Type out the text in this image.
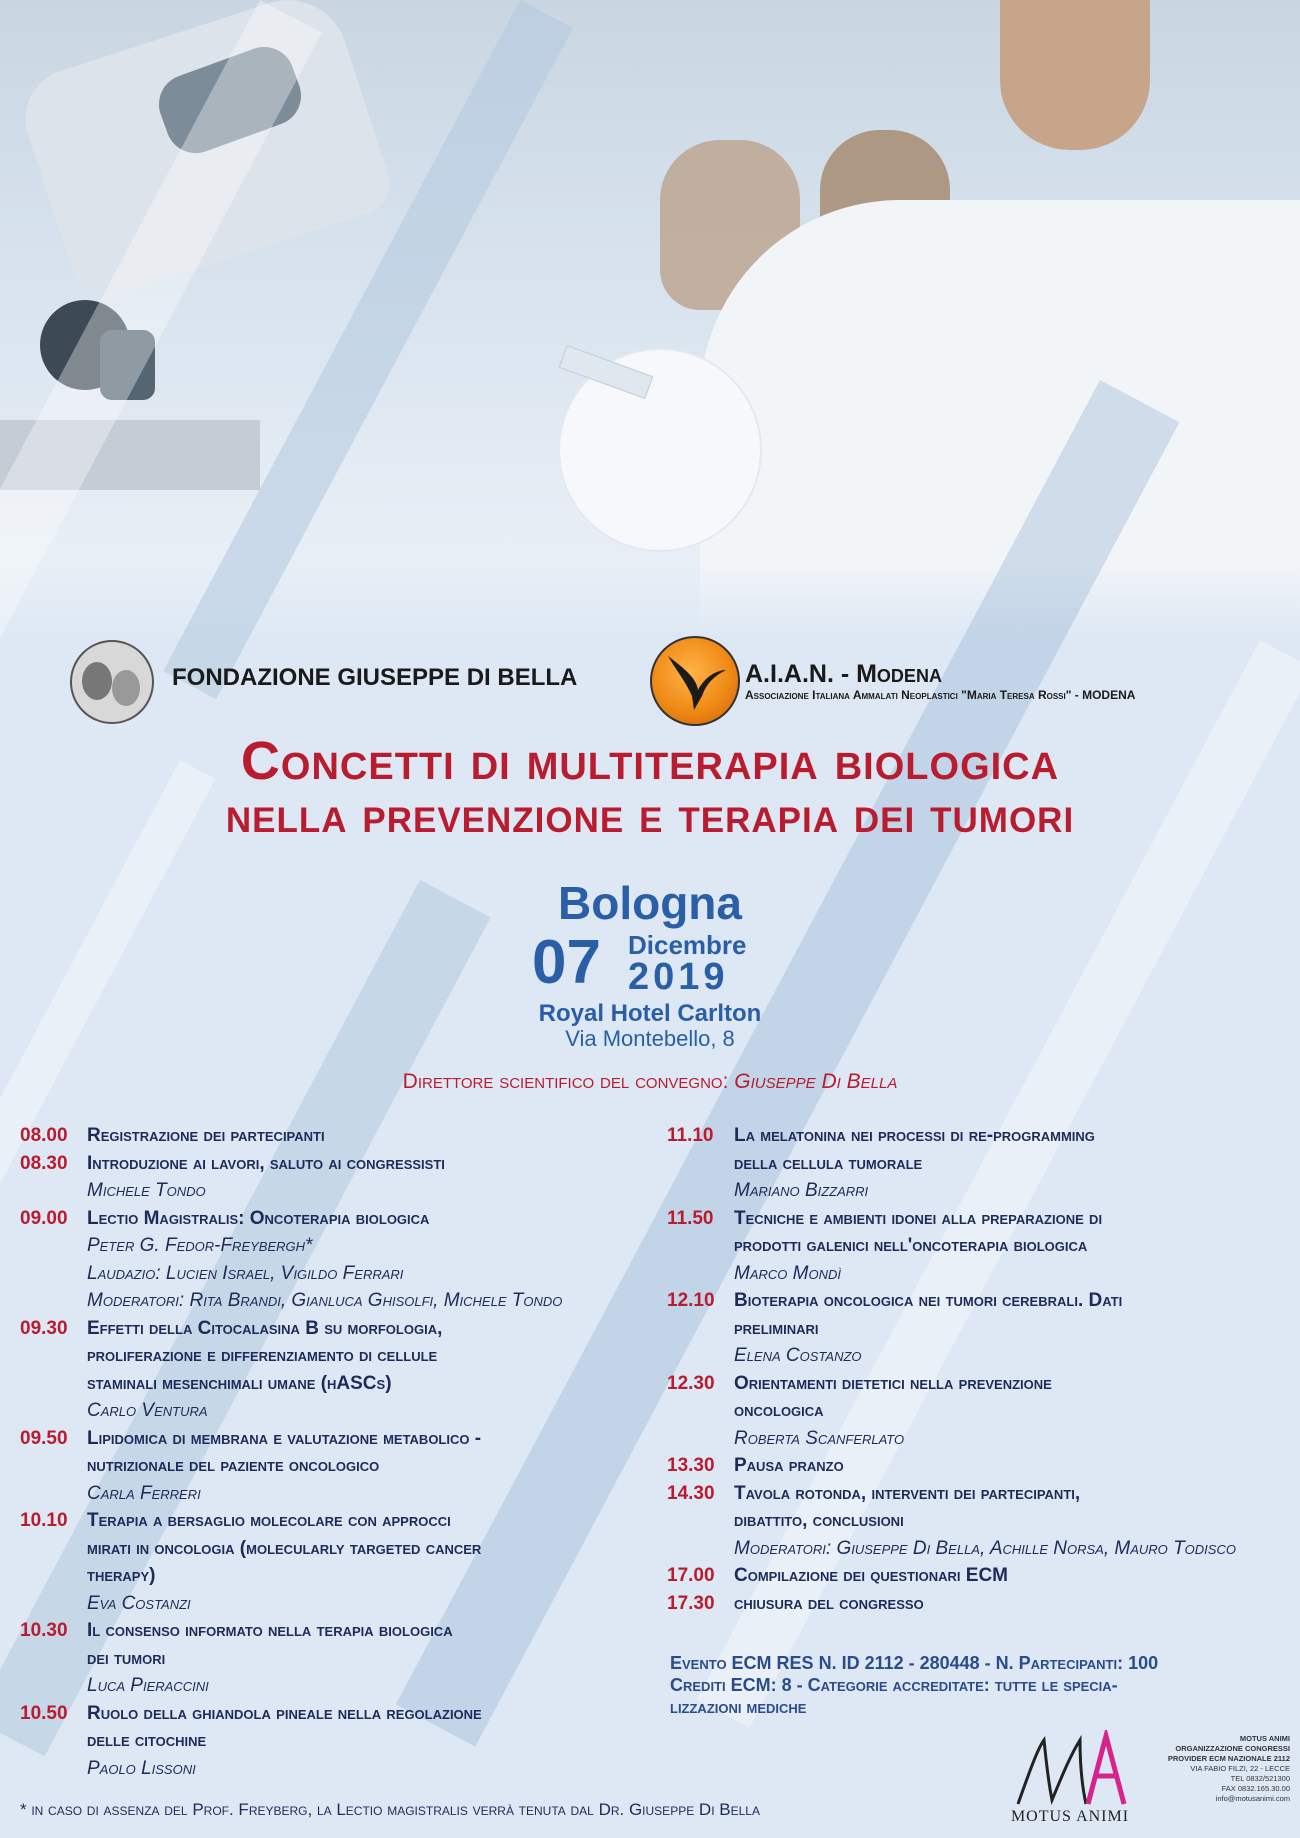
FONDAZIONE GIUSEPPE DI BELLA	A.I.A.N. - Modena
Associazione Italiana Ammalati Neoplastici "Maria Teresa Rossi" - MODENA
Concetti di multiterapia biologica
nella prevenzione e terapia dei tumori
Bologna
07 Dicembre
2019
Royal Hotel Carlton
Via Montebello, 8
Direttore scientifico del convegno: Giuseppe Di Bella
08.00 Registrazione dei partecipanti
08.30 Introduzione ai lavori, saluto ai congressisti
Michele Tondo
09.00 Lectio Magistralis: Oncoterapia biologica
Peter G. Fedor-Freybergh*
Laudazio: Lucien Israel, Vigildo Ferrari
Moderatori: Rita Brandi, Gianluca Ghisolfi, Michele Tondo
09.30 Effetti della Citocalasina B su morfologia,
proliferazione e differenziamento di cellule
staminali mesenchimali umane (hASCs)
Carlo Ventura
09.50 Lipidomica di membrana e valutazione metabolico -
nutrizionale del paziente oncologico
Carla Ferreri
10.10 Terapia a bersaglio molecolare con approcci
mirati in oncologia (molecularly targeted cancer
therapy)
Eva Costanzi
10.30 Il consenso informato nella terapia biologica
dei tumori
Luca Pieraccini
10.50 Ruolo della ghiandola pineale nella regolazione
delle citochine
Paolo Lissoni
11.10 La melatonina nei processi di re-programming
della cellula tumorale
Mariano Bizzarri
11.50 Tecniche e ambienti idonei alla preparazione di
prodotti galenici nell'oncoterapia biologica
Marco Mondì
12.10 Bioterapia oncologica nei tumori cerebrali. Dati
preliminari
Elena Costanzo
12.30 Orientamenti dietetici nella prevenzione
oncologica
Roberta Scanferlato
13.30 Pausa pranzo
14.30 Tavola rotonda, interventi dei partecipanti,
dibattito, conclusioni
Moderatori: Giuseppe Di Bella, Achille Norsa, Mauro Todisco
17.00 Compilazione dei questionari ECM
17.30 chiusura del congresso
Evento ECM RES N. ID 2112 - 280448 - N. Partecipanti: 100
Crediti ECM: 8 - Categorie accreditate: tutte le specia-
lizzazioni mediche
* in caso di assenza del Prof. Freyberg, la Lectio magistralis verrà tenuta dal Dr. Giuseppe Di Bella	MOTUS ANIMI
MOTUS ANIMI
ORGANIZZAZIONE CONGRESSI
PROVIDER ECM NAZIONALE 2112
VIA FABIO FILZI, 22 - LECCE
TEL 0832/521300
FAX 0832.165.30.00
info@motusanimi.com
